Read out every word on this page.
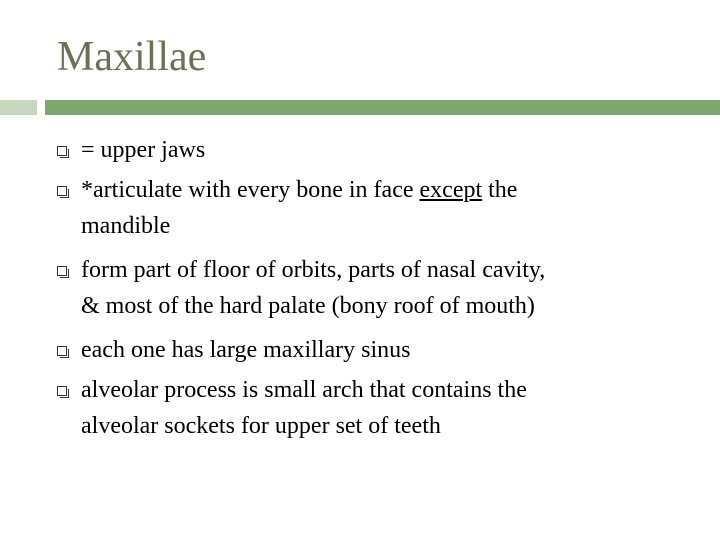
Maxillae
= upper jaws
*articulate with every bone in face except the
mandible
form part of floor of orbits, parts of nasal cavity,
& most of the hard palate (bony roof of mouth)
each one has large maxillary sinus
alveolar process is small arch that contains the
alveolar sockets for upper set of teeth
